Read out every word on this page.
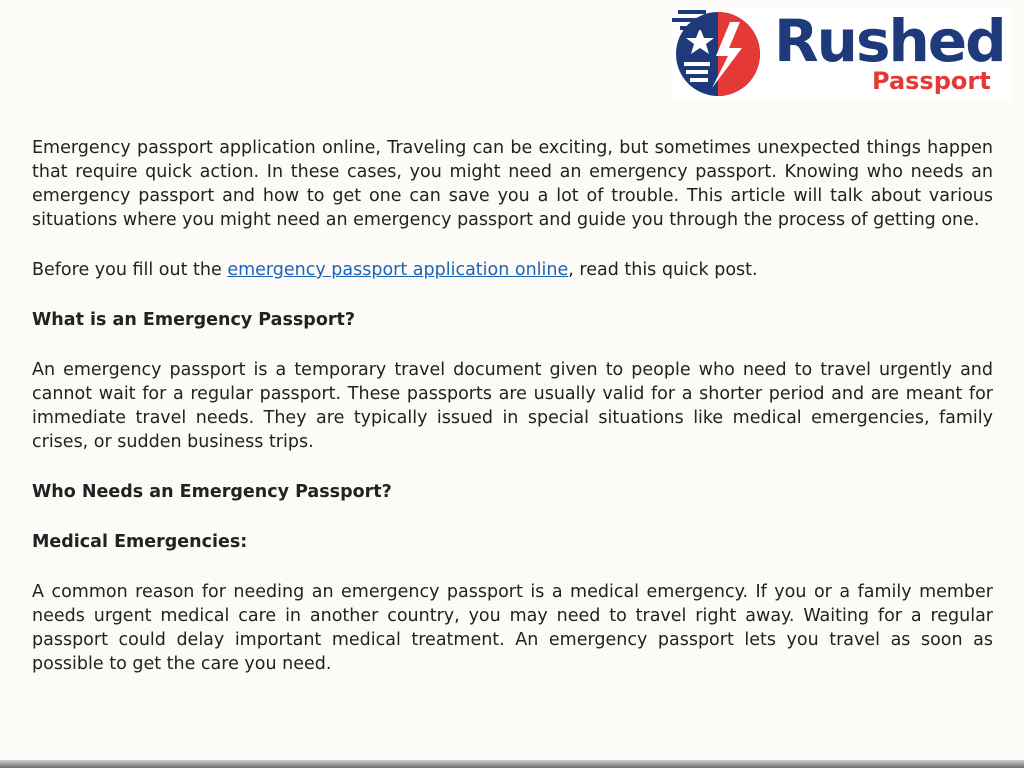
Rushed
Passport

Emergency passport application online, Traveling can be exciting, but sometimes unexpected things happen that require quick action. In these cases, you might need an emergency passport. Knowing who needs an emergency passport and how to get one can save you a lot of trouble. This article will talk about various situations where you might need an emergency passport and guide you through the process of getting one.

Before you fill out the emergency passport application online, read this quick post.

What is an Emergency Passport?

An emergency passport is a temporary travel document given to people who need to travel urgently and cannot wait for a regular passport. These passports are usually valid for a shorter period and are meant for immediate travel needs. They are typically issued in special situations like medical emergencies, family crises, or sudden business trips.

Who Needs an Emergency Passport?
Medical Emergencies:

A common reason for needing an emergency passport is a medical emergency. If you or a family member needs urgent medical care in another country, you may need to travel right away. Waiting for a regular passport could delay important medical treatment. An emergency passport lets you travel as soon as possible to get the care you need.
